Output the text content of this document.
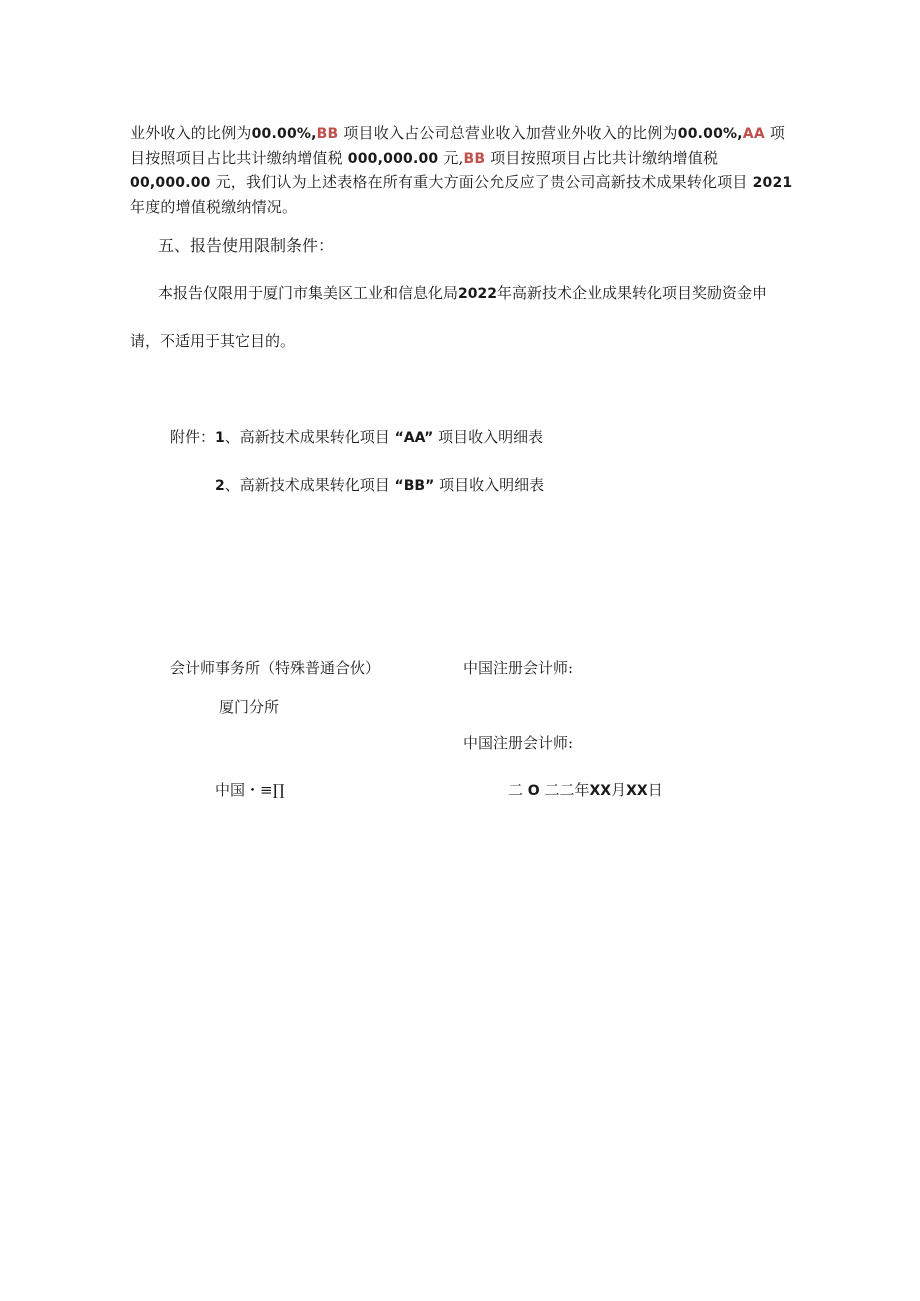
业外收入的比例为00.00%,BB 项目收入占公司总营业收入加营业外收入的比例为00.00%,AA 项目按照项目占比共计缴纳增值税 000,000.00 元,BB 项目按照项目占比共计缴纳增值税 00,000.00 元，我们认为上述表格在所有重大方面公允反应了贵公司高新技术成果转化项目 2021 年度的增值税缴纳情况。
五、报告使用限制条件：
本报告仅限用于厦门市集美区工业和信息化局2022年高新技术企业成果转化项目奖励资金申
请，不适用于其它目的。
附件：1、高新技术成果转化项目 “AA” 项目收入明细表
2、高新技术成果转化项目 “BB” 项目收入明细表
会计师事务所（特殊普通合伙）	中国注册会计师:
厦门分所
中国注册会计师:
中国・≡∏	二 O 二二年XX月XX日
